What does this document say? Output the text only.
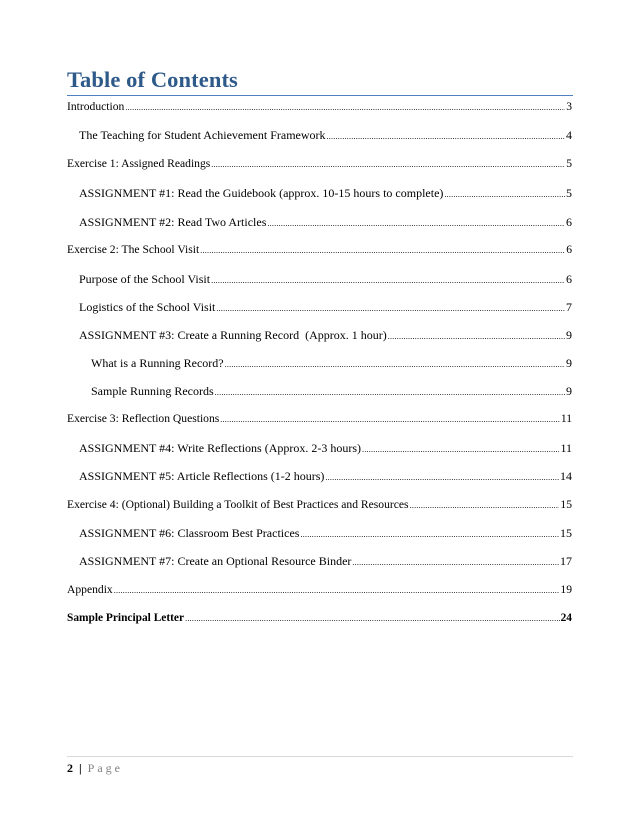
Table of Contents
Introduction .....	3
The Teaching for Student Achievement Framework .....	4
Exercise 1: Assigned Readings .....	5
ASSIGNMENT #1: Read the Guidebook (approx. 10-15 hours to complete) .....	5
ASSIGNMENT #2: Read Two Articles .....	6
Exercise 2: The School Visit .....	6
Purpose of the School Visit .....	6
Logistics of the School Visit .....	7
ASSIGNMENT #3: Create a Running Record  (Approx. 1 hour) .....	9
What is a Running Record? .....	9
Sample Running Records .....	9
Exercise 3: Reflection Questions .....	11
ASSIGNMENT #4: Write Reflections (Approx. 2-3 hours) .....	11
ASSIGNMENT #5: Article Reflections (1-2 hours) .....	14
Exercise 4: (Optional) Building a Toolkit of Best Practices and Resources .....	15
ASSIGNMENT #6: Classroom Best Practices .....	15
ASSIGNMENT #7: Create an Optional Resource Binder .....	17
Appendix .....	19
Sample Principal Letter .....	24
2 | Page
